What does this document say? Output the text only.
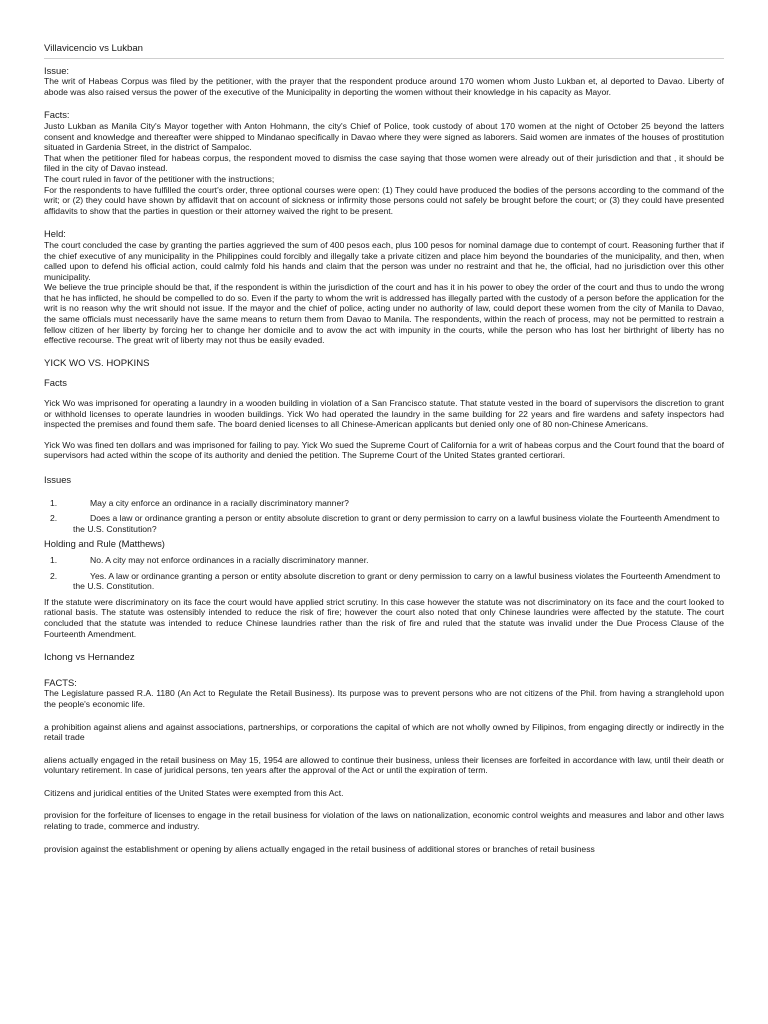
Villavicencio vs Lukban
Issue:

The writ of Habeas Corpus was filed by the petitioner, with the prayer that the respondent produce around 170 women whom Justo Lukban et, al deported to Davao. Liberty of abode was also raised versus the power of the executive of the Municipality in deporting the women without their knowledge in his capacity as Mayor.

Facts:

Justo Lukban as Manila City's Mayor together with Anton Hohmann, the city's Chief of Police, took custody of about 170 women at the night of October 25 beyond the latters consent and knowledge and thereafter were shipped to Mindanao specifically in Davao where they were signed as laborers. Said women are inmates of the houses of prostitution situated in Gardenia Street, in the district of Sampaloc.

That when the petitioner filed for habeas corpus, the respondent moved to dismiss the case saying that those women were already out of their jurisdiction and that , it should be filed in the city of Davao instead.

The court ruled in favor of the petitioner with the instructions;

For the respondents to have fulfilled the court's order, three optional courses were open: (1) They could have produced the bodies of the persons according to the command of the writ; or (2) they could have shown by affidavit that on account of sickness or infirmity those persons could not safely be brought before the court; or (3) they could have presented affidavits to show that the parties in question or their attorney waived the right to be present.

Held:

The court concluded the case by granting the parties aggrieved the sum of 400 pesos each, plus 100 pesos for nominal damage due to contempt of court. Reasoning further that if the chief executive of any municipality in the Philippines could forcibly and illegally take a private citizen and place him beyond the boundaries of the municipality, and then, when called upon to defend his official action, could calmly fold his hands and claim that the person was under no restraint and that he, the official, had no jurisdiction over this other municipality.

We believe the true principle should be that, if the respondent is within the jurisdiction of the court and has it in his power to obey the order of the court and thus to undo the wrong that he has inflicted, he should be compelled to do so. Even if the party to whom the writ is addressed has illegally parted with the custody of a person before the application for the writ is no reason why the writ should not issue. If the mayor and the chief of police, acting under no authority of law, could deport these women from the city of Manila to Davao, the same officials must necessarily have the same means to return them from Davao to Manila. The respondents, within the reach of process, may not be permitted to restrain a fellow citizen of her liberty by forcing her to change her domicile and to avow the act with impunity in the courts, while the person who has lost her birthright of liberty has no effective recourse. The great writ of liberty may not thus be easily evaded.

YICK WO VS. HOPKINS
Facts

Yick Wo was imprisoned for operating a laundry in a wooden building in violation of a San Francisco statute. That statute vested in the board of supervisors the discretion to grant or withhold licenses to operate laundries in wooden buildings. Yick Wo had operated the laundry in the same building for 22 years and fire wardens and safety inspectors had inspected the premises and found them safe. The board denied licenses to all Chinese-American applicants but denied only one of 80 non-Chinese Americans.

Yick Wo was fined ten dollars and was imprisoned for failing to pay. Yick Wo sued the Supreme Court of California for a writ of habeas corpus and the Court found that the board of supervisors had acted within the scope of its authority and denied the petition. The Supreme Court of the United States granted certiorari.

Issues
1.	May a city enforce an ordinance in a racially discriminatory manner?
2.	Does a law or ordinance granting a person or entity absolute discretion to grant or deny permission to carry on a lawful business violate the Fourteenth Amendment to the U.S. Constitution?
Holding and Rule (Matthews)
1.	No. A city may not enforce ordinances in a racially discriminatory manner.
2.	Yes. A law or ordinance granting a person or entity absolute discretion to grant or deny permission to carry on a lawful business violates the Fourteenth Amendment to the U.S. Constitution.

If the statute were discriminatory on its face the court would have applied strict scrutiny. In this case however the statute was not discriminatory on its face and the court looked to rational basis. The statute was ostensibly intended to reduce the risk of fire; however the court also noted that only Chinese laundries were affected by the statute. The court concluded that the statute was intended to reduce Chinese laundries rather than the risk of fire and ruled that the statute was invalid under the Due Process Clause of the Fourteenth Amendment.

Ichong vs Hernandez
FACTS:

The Legislature passed R.A. 1180 (An Act to Regulate the Retail Business). Its purpose was to prevent persons who are not citizens of the Phil. from having a stranglehold upon the people's economic life.

a prohibition against aliens and against associations, partnerships, or corporations the capital of which are not wholly owned by Filipinos, from engaging directly or indirectly in the retail trade

aliens actually engaged in the retail business on May 15, 1954 are allowed to continue their business, unless their licenses are forfeited in accordance with law, until their death or voluntary retirement. In case of juridical persons, ten years after the approval of the Act or until the expiration of term.

Citizens and juridical entities of the United States were exempted from this Act.

provision for the forfeiture of licenses to engage in the retail business for violation of the laws on nationalization, economic control weights and measures and labor and other laws relating to trade, commerce and industry.

provision against the establishment or opening by aliens actually engaged in the retail business of additional stores or branches of retail business
